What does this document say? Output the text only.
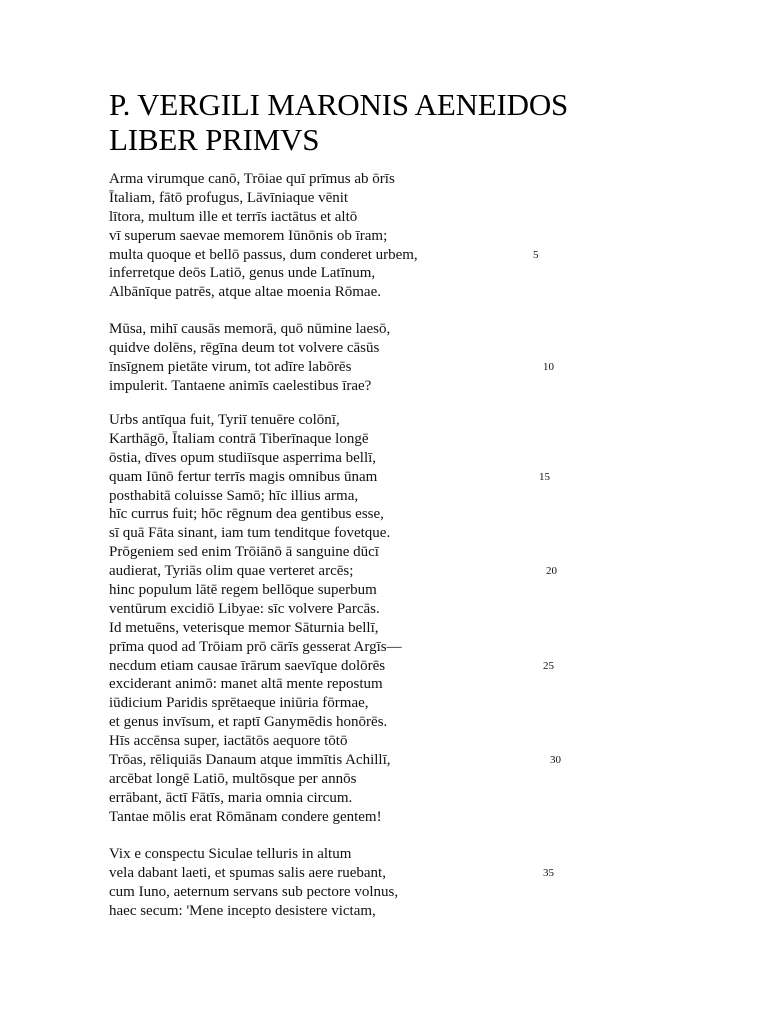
P. VERGILI MARONIS AENEIDOS
LIBER PRIMVS
Arma virumque canō, Trōiae quī prīmus ab ōrīs
Ītaliam, fātō profugus, Lāvīniaque vēnit
lītora, multum ille et terrīs iactātus et altō
vī superum saevae memorem Iūnōnis ob īram;
multa quoque et bellō passus, dum conderet urbem,	5
inferretque deōs Latiō, genus unde Latīnum,
Albānīque patrēs, atque altae moenia Rōmae.
Mūsa, mihī causās memorā, quō nūmine laesō,
quidve dolēns, rēgīna deum tot volvere cāsūs
īnsīgnem pietāte virum, tot adīre labōrēs	10
impulerit. Tantaene animīs caelestibus īrae?
Urbs antīqua fuit, Tyriī tenuēre colōnī,
Karthāgō, Ītaliam contrā Tiberīnaque longē
ōstia, dīves opum studiīsque asperrima bellī,
quam Iūnō fertur terrīs magis omnibus ūnam	15
posthabitā coluisse Samō; hīc illius arma,
hīc currus fuit; hōc rēgnum dea gentibus esse,
sī quā Fāta sinant, iam tum tenditque fovetque.
Prōgeniem sed enim Trōiānō ā sanguine dūcī
audierat, Tyriās olim quae verteret arcēs;	20
hinc populum lātē regem bellōque superbum
ventūrum excidiō Libyae: sīc volvere Parcās.
Id metuēns, veterisque memor Sāturnia bellī,
prīma quod ad Trōiam prō cārīs gesserat Argīs—
necdum etiam causae īrārum saevīque dolōrēs	25
exciderant animō: manet altā mente repostum
iūdicium Paridis sprētaeque iniūria fōrmae,
et genus invīsum, et raptī Ganymēdis honōrēs.
Hīs accēnsa super, iactātōs aequore tōtō
Trōas, rēliquiās Danaum atque immītis Achillī,	30
arcēbat longē Latiō, multōsque per annōs
errābant, āctī Fātīs, maria omnia circum.
Tantae mōlis erat Rōmānam condere gentem!
Vix e conspectu Siculae telluris in altum
vela dabant laeti, et spumas salis aere ruebant,	35
cum Iuno, aeternum servans sub pectore volnus,
haec secum: 'Mene incepto desistere victam,
